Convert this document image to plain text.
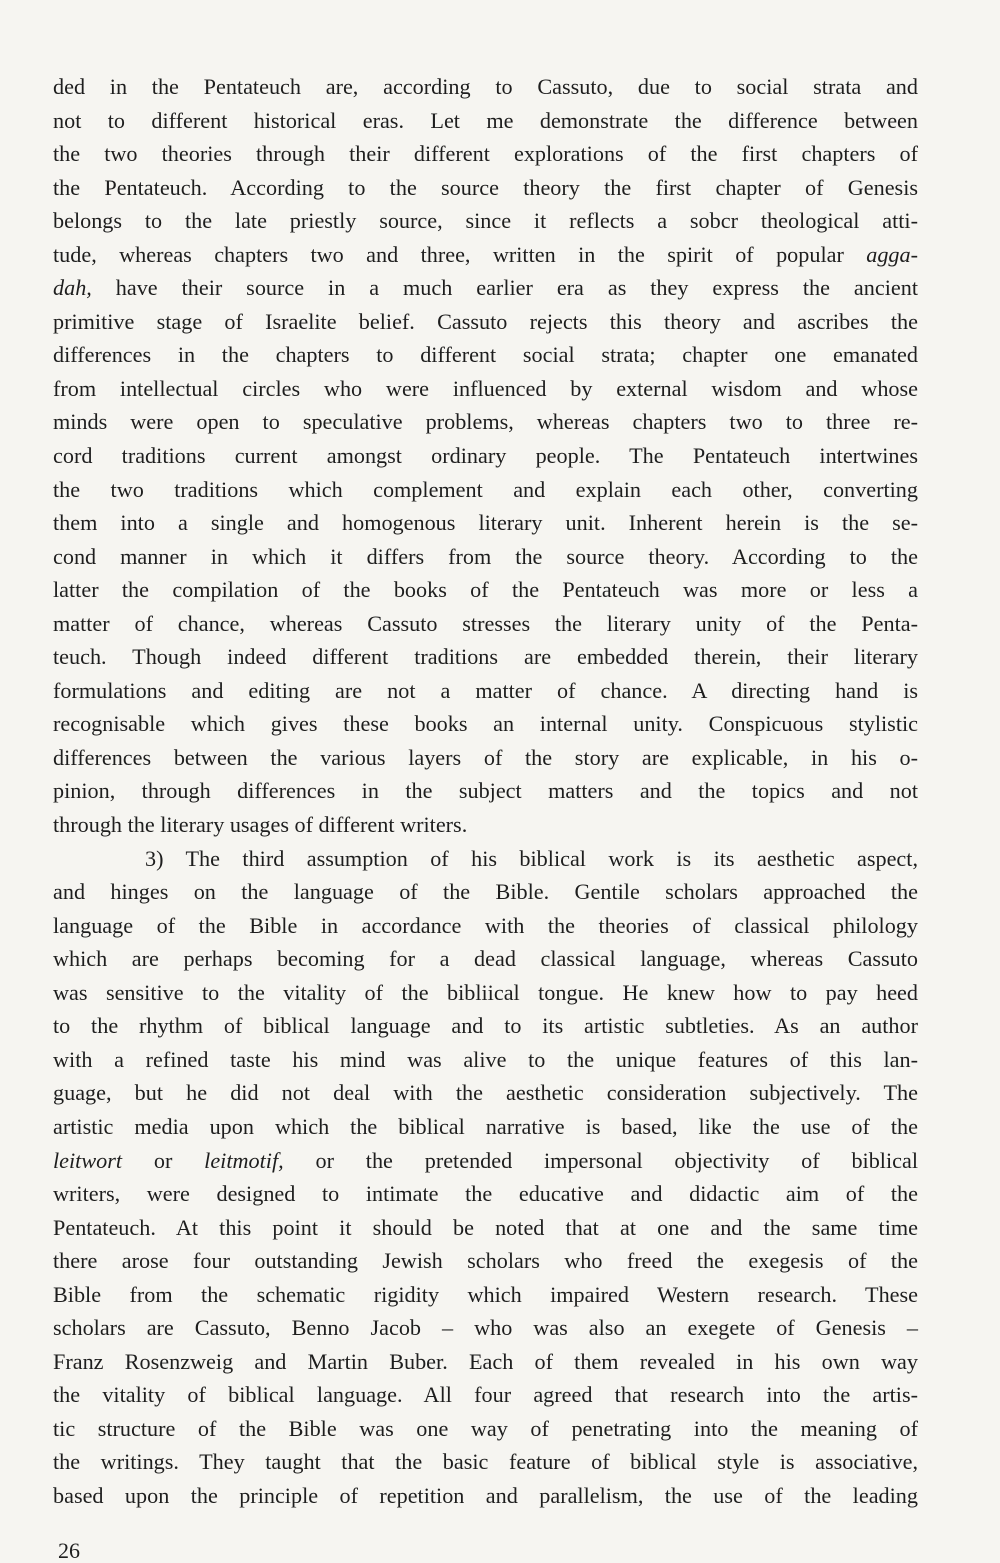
ded in the Pentateuch are, according to Cassuto, due to social strata and
not to different historical eras. Let me demonstrate the difference between
the two theories through their different explorations of the first chapters of
the Pentateuch. According to the source theory the first chapter of Genesis
belongs to the late priestly source, since it reflects a sobcr theological atti-
tude, whereas chapters two and three, written in the spirit of popular agga-
dah, have their source in a much earlier era as they express the ancient
primitive stage of Israelite belief. Cassuto rejects this theory and ascribes the
differences in the chapters to different social strata; chapter one emanated
from intellectual circles who were influenced by external wisdom and whose
minds were open to speculative problems, whereas chapters two to three re-
cord traditions current amongst ordinary people. The Pentateuch intertwines
the two traditions which complement and explain each other, converting
them into a single and homogenous literary unit. Inherent herein is the se-
cond manner in which it differs from the source theory. According to the
latter the compilation of the books of the Pentateuch was more or less a
matter of chance, whereas Cassuto stresses the literary unity of the Penta-
teuch. Though indeed different traditions are embedded therein, their literary
formulations and editing are not a matter of chance. A directing hand is
recognisable which gives these books an internal unity. Conspicuous stylistic
differences between the various layers of the story are explicable, in his o-
pinion, through differences in the subject matters and the topics and not
through the literary usages of different writers.
3) The third assumption of his biblical work is its aesthetic aspect,
and hinges on the language of the Bible. Gentile scholars approached the
language of the Bible in accordance with the theories of classical philology
which are perhaps becoming for a dead classical language, whereas Cassuto
was sensitive to the vitality of the bibliical tongue. He knew how to pay heed
to the rhythm of biblical language and to its artistic subtleties. As an author
with a refined taste his mind was alive to the unique features of this lan-
guage, but he did not deal with the aesthetic consideration subjectively. The
artistic media upon which the biblical narrative is based, like the use of the
leitwort or leitmotif, or the pretended impersonal objectivity of biblical
writers, were designed to intimate the educative and didactic aim of the
Pentateuch. At this point it should be noted that at one and the same time
there arose four outstanding Jewish scholars who freed the exegesis of the
Bible from the schematic rigidity which impaired Western research. These
scholars are Cassuto, Benno Jacob – who was also an exegete of Genesis –
Franz Rosenzweig and Martin Buber. Each of them revealed in his own way
the vitality of biblical language. All four agreed that research into the artis-
tic structure of the Bible was one way of penetrating into the meaning of
the writings. They taught that the basic feature of biblical style is associative,
based upon the principle of repetition and parallelism, the use of the leading
26
